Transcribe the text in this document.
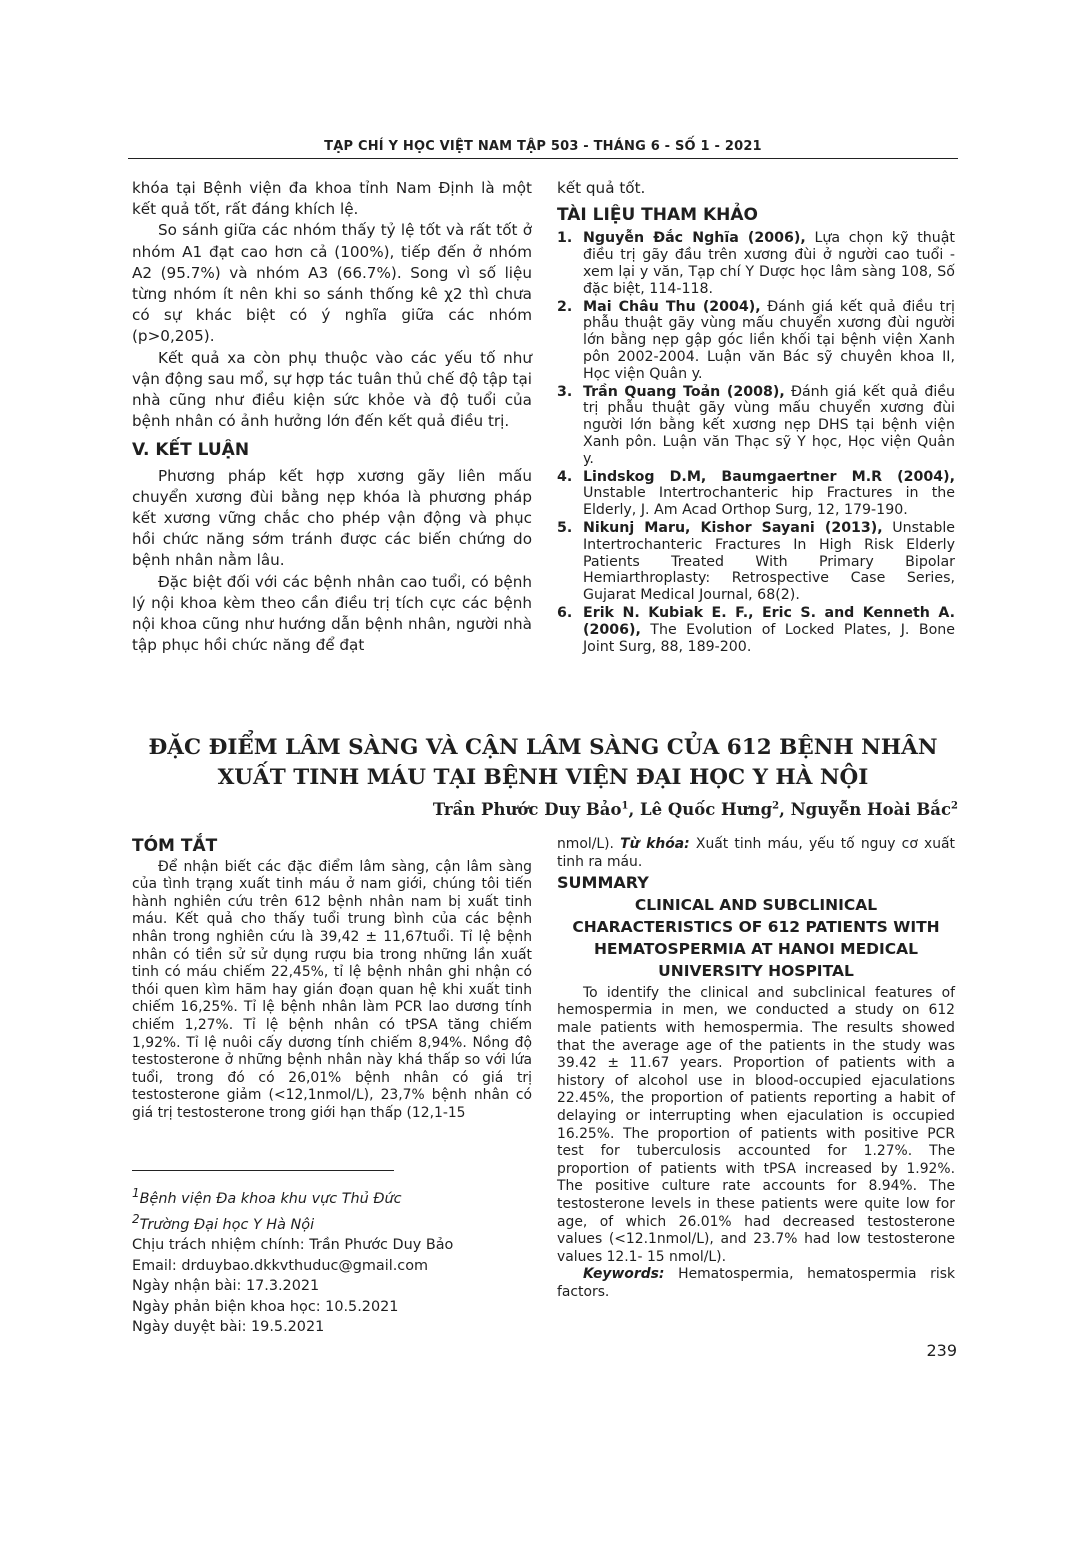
TẠP CHÍ Y HỌC VIỆT NAM TẬP 503 - THÁNG 6 - SỐ 1 - 2021

khóa tại Bệnh viện đa khoa tỉnh Nam Định là một kết quả tốt, rất đáng khích lệ.

So sánh giữa các nhóm thấy tỷ lệ tốt và rất tốt ở nhóm A1 đạt cao hơn cả (100%), tiếp đến ở nhóm A2 (95.7%) và nhóm A3 (66.7%). Song vì số liệu từng nhóm ít nên khi so sánh thống kê χ2 thì chưa có sự khác biệt có ý nghĩa giữa các nhóm (p>0,205).

Kết quả xa còn phụ thuộc vào các yếu tố như vận động sau mổ, sự hợp tác tuân thủ chế độ tập tại nhà cũng như điều kiện sức khỏe và độ tuổi của bệnh nhân có ảnh hưởng lớn đến kết quả điều trị.

V. KẾT LUẬN

Phương pháp kết hợp xương gãy liên mấu chuyển xương đùi bằng nẹp khóa là phương pháp kết xương vững chắc cho phép vận động và phục hồi chức năng sớm tránh được các biến chứng do bệnh nhân nằm lâu.

Đặc biệt đối với các bệnh nhân cao tuổi, có bệnh lý nội khoa kèm theo cần điều trị tích cực các bệnh nội khoa cũng như hướng dẫn bệnh nhân, người nhà tập phục hồi chức năng để đạt

kết quả tốt.

TÀI LIỆU THAM KHẢO
1. Nguyễn Đắc Nghĩa (2006), Lựa chọn kỹ thuật điều trị gãy đầu trên xương đùi ở người cao tuổi - xem lại y văn, Tạp chí Y Dược học lâm sàng 108, Số đặc biệt, 114-118.
2. Mai Châu Thu (2004), Đánh giá kết quả điều trị phẫu thuật gãy vùng mấu chuyển xương đùi người lớn bằng nẹp gập góc liền khối tại bệnh viện Xanh pôn 2002-2004. Luận văn Bác sỹ chuyên khoa II, Học viện Quân y.
3. Trần Quang Toản (2008), Đánh giá kết quả điều trị phẫu thuật gãy vùng mấu chuyển xương đùi người lớn bằng kết xương nẹp DHS tại bệnh viện Xanh pôn. Luận văn Thạc sỹ Y học, Học viện Quân y.
4. Lindskog D.M, Baumgaertner M.R (2004), Unstable Intertrochanteric hip Fractures in the Elderly, J. Am Acad Orthop Surg, 12, 179-190.
5. Nikunj Maru, Kishor Sayani (2013), Unstable Intertrochanteric Fractures In High Risk Elderly Patients Treated With Primary Bipolar Hemiarthroplasty: Retrospective Case Series, Gujarat Medical Journal, 68(2).
6. Erik N. Kubiak E. F., Eric S. and Kenneth A. (2006), The Evolution of Locked Plates, J. Bone Joint Surg, 88, 189-200.
ĐẶC ĐIỂM LÂM SÀNG VÀ CẬN LÂM SÀNG CỦA 612 BỆNH NHÂN
XUẤT TINH MÁU TẠI BỆNH VIỆN ĐẠI HỌC Y HÀ NỘI
Trần Phước Duy Bảo$^1$, Lê Quốc Hưng$^2$, Nguyễn Hoài Bắc$^2$
TÓM TẮT

Để nhận biết các đặc điểm lâm sàng, cận lâm sàng của tình trạng xuất tinh máu ở nam giới, chúng tôi tiến hành nghiên cứu trên 612 bệnh nhân nam bị xuất tinh máu. Kết quả cho thấy tuổi trung bình của các bệnh nhân trong nghiên cứu là 39,42 ± 11,67tuổi. Tỉ lệ bệnh nhân có tiền sử sử dụng rượu bia trong những lần xuất tinh có máu chiếm 22,45%, tỉ lệ bệnh nhân ghi nhận có thói quen kìm hãm hay gián đoạn quan hệ khi xuất tinh chiếm 16,25%. Tỉ lệ bệnh nhân làm PCR lao dương tính chiếm 1,27%. Tỉ lệ bệnh nhân có tPSA tăng chiếm 1,92%. Tỉ lệ nuôi cấy dương tính chiếm 8,94%. Nồng độ testosterone ở những bệnh nhân này khá thấp so với lứa tuổi, trong đó có 26,01% bệnh nhân có giá trị testosterone giảm (<12,1nmol/L), 23,7% bệnh nhân có giá trị testosterone trong giới hạn thấp (12,1-15

nmol/L). Từ khóa: Xuất tinh máu, yếu tố nguy cơ xuất tinh ra máu.

SUMMARY
CLINICAL AND SUBCLINICAL CHARACTERISTICS OF 612 PATIENTS WITH HEMATOSPERMIA AT HANOI MEDICAL UNIVERSITY HOSPITAL

To identify the clinical and subclinical features of hemospermia in men, we conducted a study on 612 male patients with hemospermia. The results showed that the average age of the patients in the study was 39.42 ± 11.67 years. Proportion of patients with a history of alcohol use in blood-occupied ejaculations 22.45%, the proportion of patients reporting a habit of delaying or interrupting when ejaculation is occupied 16.25%. The proportion of patients with positive PCR test for tuberculosis accounted for 1.27%. The proportion of patients with tPSA increased by 1.92%. The positive culture rate accounts for 8.94%. The testosterone levels in these patients were quite low for age, of which 26.01% had decreased testosterone values (<12.1nmol/L), and 23.7% had low testosterone values 12.1- 15 nmol/L).

Keywords: Hematospermia, hematospermia risk factors.

$^1$Bệnh viện Đa khoa khu vực Thủ Đức
$^2$Trường Đại học Y Hà Nội
Chịu trách nhiệm chính: Trần Phước Duy Bảo
Email: drduybao.dkkvthuduc@gmail.com
Ngày nhận bài: 17.3.2021
Ngày phản biện khoa học: 10.5.2021
Ngày duyệt bài: 19.5.2021
239
